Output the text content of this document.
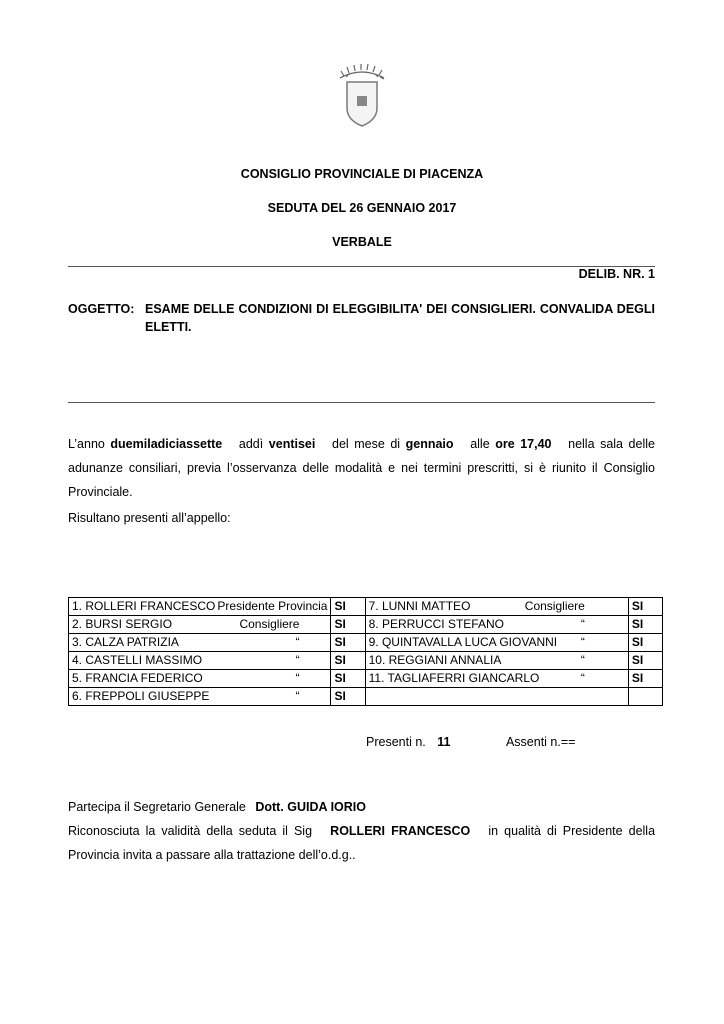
CONSIGLIO PROVINCIALE DI PIACENZA
SEDUTA DEL 26 GENNAIO 2017
VERBALE
DELIB. NR. 1
OGGETTO: ESAME DELLE CONDIZIONI DI ELEGGIBILITA' DEI CONSIGLIERI. CONVALIDA DEGLI ELETTI.
L’anno duemiladiciassette addì ventisei del mese di gennaio alle ore 17,40 nella sala delle adunanze consiliari, previa l’osservanza delle modalità e nei termini prescritti, si è riunito il Consiglio Provinciale.
Risultano presenti all’appello:
1. ROLLERI FRANCESCO Presidente Provincia	SI	7. LUNNI MATTEO Consigliere	SI

2. BURSI SERGIO Consigliere	SI	8. PERRUCCI STEFANO “	SI

3. CALZA PATRIZIA “	SI	9. QUINTAVALLA LUCA GIOVANNI “	SI

4. CASTELLI MASSIMO “	SI	10. REGGIANI ANNALIA “	SI

5. FRANCIA FEDERICO “	SI	11. TAGLIAFERRI GIANCARLO “	SI

6. FREPPOLI GIUSEPPE “	SI	

Presenti n. 11	Assenti n.==
Partecipa il Segretario Generale Dott. GUIDA IORIO
Riconosciuta la validità della seduta il Sig ROLLERI FRANCESCO in qualità di Presidente della Provincia invita a passare alla trattazione dell’o.d.g..
